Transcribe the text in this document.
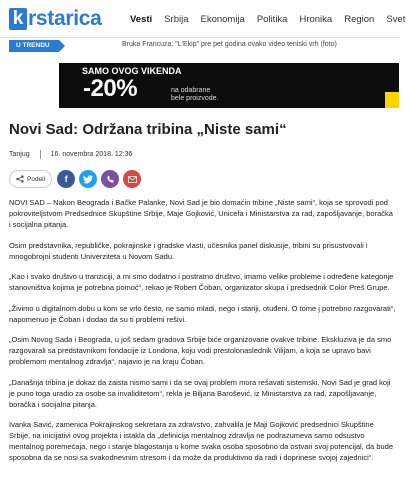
k rstarica	Vesti Srbija Ekonomija Politika Hronika Region Svet
U TRENDU	Bruka Francuza: "L'Ekip" pre pet godina ovako video teniski vrh (foto)
SAMO OVOG VIKENDA
-20%	na odabrane
bele proizvode.
Novi Sad: Održana tribina „Niste sami“
Tanjug	16. novembra 2018. 12:36
Podeli	f

NOVI SAD – Nakon Beograda i Bačke Palanke, Novi Sad je bio domaćin tribine „Niste sami“, koja se sprovodi pod pokroviteljstvom Predsednice Skupštine Srbije, Maje Gojković, Unicefa i Ministarstva za rad, zapošljavanje, boračka i socijalna pitanja.

Osim predstavnika, republičke, pokrajinske i gradske vlasti, učesnika panel diskusije, tribini su prisustvovali i mnogobrojni studenti Univerziteta u Novom Sadu.

„Kao i svako društvo u tranziciji, a mi smo dodatno i postratno društvo, imamo velike probleme i određene kategorije stanovništva kojima je potrebna pomoć“, rekao je Robert Čoban, organizator skupa i predsednik Color Preš Grupe.

„Živimo u digitalnom dobu u kom se vrlo često, ne samo mladi, nego i stariji, otuđeni. O tome ј potrebno razgovarati“, napomenuo je Čoban i dodao da su ti problemi rešivi.

„Osim Novog Sada i Beograda, u još sedam gradova Srbije biće organizovane ovakve tribine. Ekskluziva je da smo razgovarali sa predstavnikom fondacije iz Londona, koju vodi prestolonaslednik Vilijam, a koja se upravo bavi problemom mentalnog zdravlja“, najavio je na kraju Čoban.

„Današnja tribina je dokaz da zaista nismo sami i da se ovaj problem mora rešavati sistemski. Novi Sad je grad koji je puno toga uradio za osobe sa invaliditetom“, rekla je Biljana Barošević, iz Ministarstva za rad, zapošljavanje, boračka i socijalna pitanja.

Ivanka Savić, zamenica Pokrajinskog sekretara za zdravstvo, zahvalila je Maji Gojković predsednici Skupštine Srbije, na inicijativi ovog projekta i istakla da „definicija mentalnog zdravlja ne podrazumeva samo odsustvo mentalnog poremećaja, nego i stanje blagostanja u kome svaka osoba sposobno da ostvari svoj potencijal, da bude sposobna da se nosi sa svakodnevnim stresom i da može da produktivno da radi i doprinese svojoj zajednici“.
